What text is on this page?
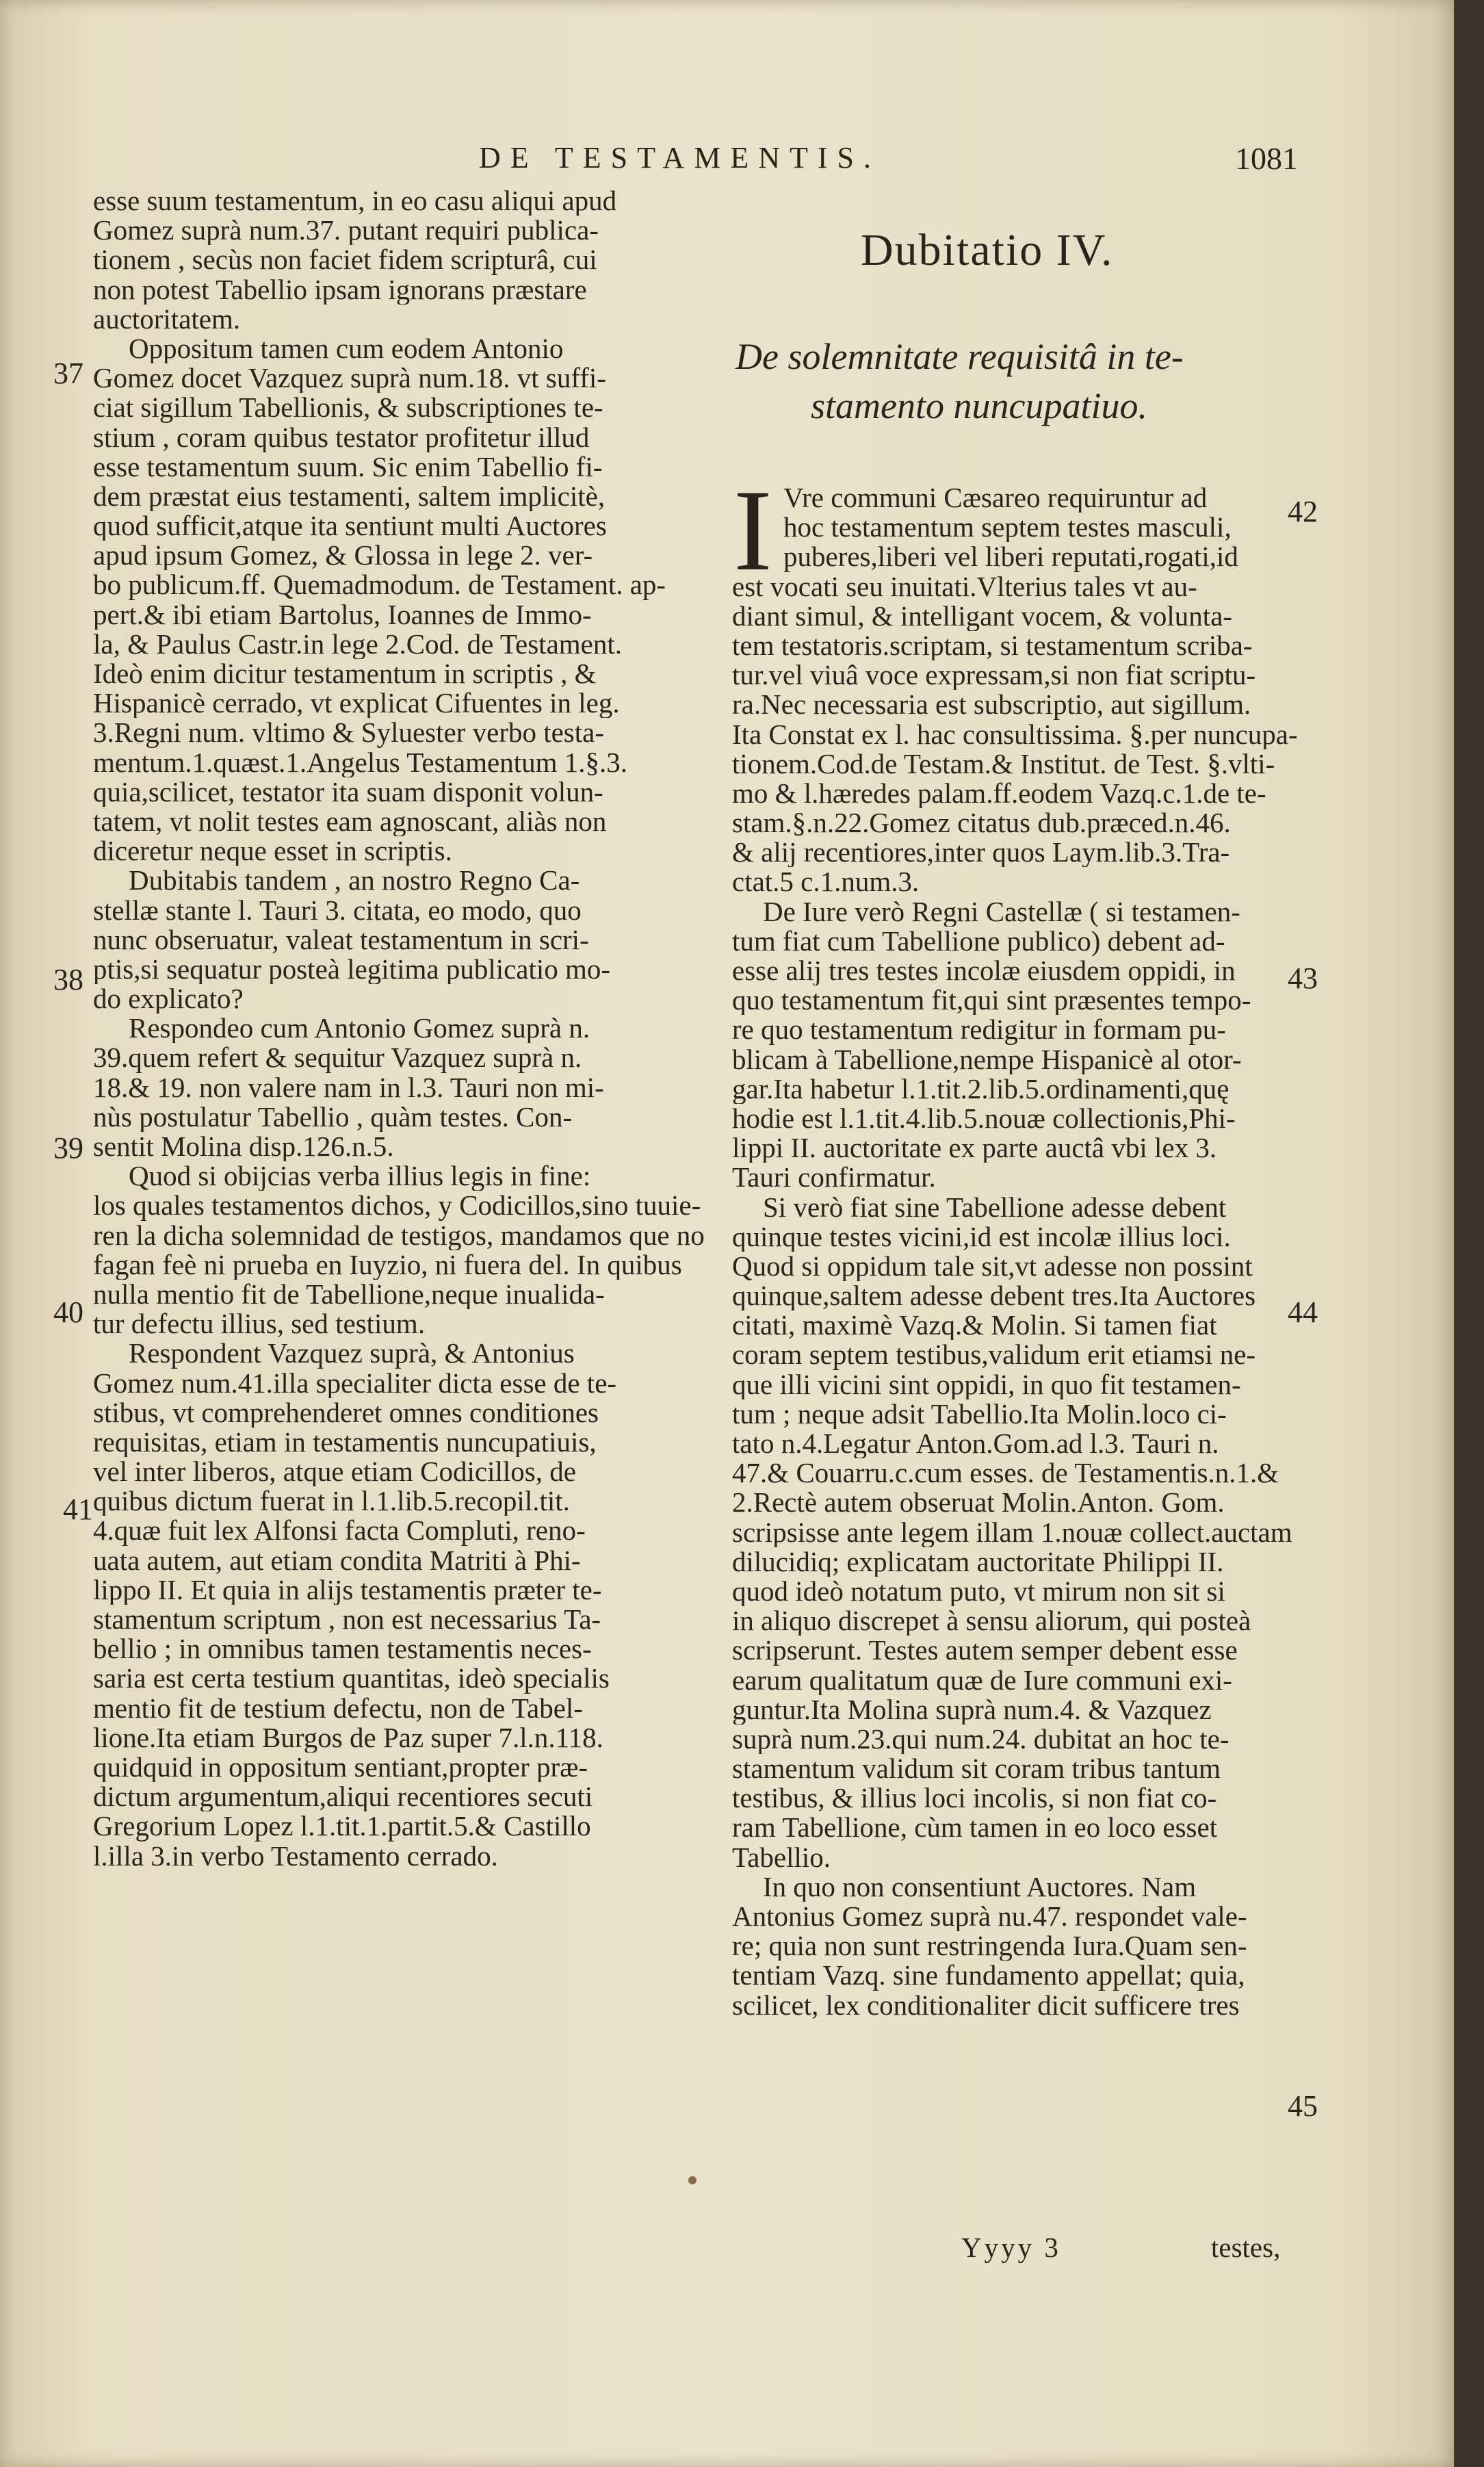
DE TESTAMENTIS.	1081
esse suum testamentum, in eo casu aliqui apud
Gomez suprà num.37. putant requiri publica-
tionem , secùs non faciet fidem scripturâ, cui
non potest Tabellio ipsam ignorans præstare
auctoritatem.
Oppositum tamen cum eodem Antonio
Gomez docet Vazquez suprà num.18. vt suffi-
ciat sigillum Tabellionis, & subscriptiones te-
stium , coram quibus testator profitetur illud
esse testamentum suum. Sic enim Tabellio fi-
dem præstat eius testamenti, saltem implicitè,
quod sufficit,atque ita sentiunt multi Auctores
apud ipsum Gomez, & Glossa in lege 2. ver-
bo publicum.ff. Quemadmodum. de Testament. ap-
pert.& ibi etiam Bartolus, Ioannes de Immo-
la, & Paulus Castr.in lege 2.Cod. de Testament.
Ideò enim dicitur testamentum in scriptis , &
Hispanicè cerrado, vt explicat Cifuentes in leg.
3.Regni num. vltimo & Syluester verbo testa-
mentum.1.quæst.1.Angelus Testamentum 1.§.3.
quia,scilicet, testator ita suam disponit volun-
tatem, vt nolit testes eam agnoscant, aliàs non
diceretur neque esset in scriptis.
Dubitabis tandem , an nostro Regno Ca-
stellæ stante l. Tauri 3. citata, eo modo, quo
nunc obseruatur, valeat testamentum in scri-
ptis,si sequatur posteà legitima publicatio mo-
do explicato?
Respondeo cum Antonio Gomez suprà n.
39.quem refert & sequitur Vazquez suprà n.
18.& 19. non valere nam in l.3. Tauri non mi-
nùs postulatur Tabellio , quàm testes. Con-
sentit Molina disp.126.n.5.
Quod si obijcias verba illius legis in fine:
los quales testamentos dichos, y Codicillos,sino tuuie-
ren la dicha solemnidad de testigos, mandamos que no
fagan feè ni prueba en Iuyzio, ni fuera del. In quibus
nulla mentio fit de Tabellione,neque inualida-
tur defectu illius, sed testium.
Respondent Vazquez suprà, & Antonius
Gomez num.41.illa specialiter dicta esse de te-
stibus, vt comprehenderet omnes conditiones
requisitas, etiam in testamentis nuncupatiuis,
vel inter liberos, atque etiam Codicillos, de
quibus dictum fuerat in l.1.lib.5.recopil.tit.
4.quæ fuit lex Alfonsi facta Compluti, reno-
uata autem, aut etiam condita Matriti à Phi-
lippo II. Et quia in alijs testamentis præter te-
stamentum scriptum , non est necessarius Ta-
bellio ; in omnibus tamen testamentis neces-
saria est certa testium quantitas, ideò specialis
mentio fit de testium defectu, non de Tabel-
lione.Ita etiam Burgos de Paz super 7.l.n.118.
quidquid in oppositum sentiant,propter præ-
dictum argumentum,aliqui recentiores secuti
Gregorium Lopez l.1.tit.1.partit.5.& Castillo
l.illa 3.in verbo Testamento cerrado.
37
38
39
40
41
Dubitatio IV.
De solemnitate requisitâ in te-
stamento nuncupatiuo.
I Vre communi Cæsareo requiruntur ad
hoc testamentum septem testes masculi,
puberes,liberi vel liberi reputati,rogati,id
est vocati seu inuitati.Vlterius tales vt au-
diant simul, & intelligant vocem, & volunta-
tem testatoris.scriptam, si testamentum scriba-
tur.vel viuâ voce expressam,si non fiat scriptu-
ra.Nec necessaria est subscriptio, aut sigillum.
Ita Constat ex l. hac consultissima. §.per nuncupa-
tionem.Cod.de Testam.& Institut. de Test. §.vlti-
mo & l.hæredes palam.ff.eodem Vazq.c.1.de te-
stam.§.n.22.Gomez citatus dub.præced.n.46.
& alij recentiores,inter quos Laym.lib.3.Tra-
ctat.5 c.1.num.3.
De Iure verò Regni Castellæ ( si testamen-
tum fiat cum Tabellione publico) debent ad-
esse alij tres testes incolæ eiusdem oppidi, in
quo testamentum fit,qui sint præsentes tempo-
re quo testamentum redigitur in formam pu-
blicam à Tabellione,nempe Hispanicè al otor-
gar.Ita habetur l.1.tit.2.lib.5.ordinamenti,quę
hodie est l.1.tit.4.lib.5.nouæ collectionis,Phi-
lippi II. auctoritate ex parte auctâ vbi lex 3.
Tauri confirmatur.
Si verò fiat sine Tabellione adesse debent
quinque testes vicini,id est incolæ illius loci.
Quod si oppidum tale sit,vt adesse non possint
quinque,saltem adesse debent tres.Ita Auctores
citati, maximè Vazq.& Molin. Si tamen fiat
coram septem testibus,validum erit etiamsi ne-
que illi vicini sint oppidi, in quo fit testamen-
tum ; neque adsit Tabellio.Ita Molin.loco ci-
tato n.4.Legatur Anton.Gom.ad l.3. Tauri n.
47.& Couarru.c.cum esses. de Testamentis.n.1.&
2.Rectè autem obseruat Molin.Anton. Gom.
scripsisse ante legem illam 1.nouæ collect.auctam
dilucidiq; explicatam auctoritate Philippi II.
quod ideò notatum puto, vt mirum non sit si
in aliquo discrepet à sensu aliorum, qui posteà
scripserunt. Testes autem semper debent esse
earum qualitatum quæ de Iure communi exi-
guntur.Ita Molina suprà num.4. & Vazquez
suprà num.23.qui num.24. dubitat an hoc te-
stamentum validum sit coram tribus tantum
testibus, & illius loci incolis, si non fiat co-
ram Tabellione, cùm tamen in eo loco esset
Tabellio.
In quo non consentiunt Auctores. Nam
Antonius Gomez suprà nu.47. respondet vale-
re; quia non sunt restringenda Iura.Quam sen-
tentiam Vazq. sine fundamento appellat; quia,
scilicet, lex conditionaliter dicit sufficere tres
42
43
44
45
Yyyy 3	testes,
